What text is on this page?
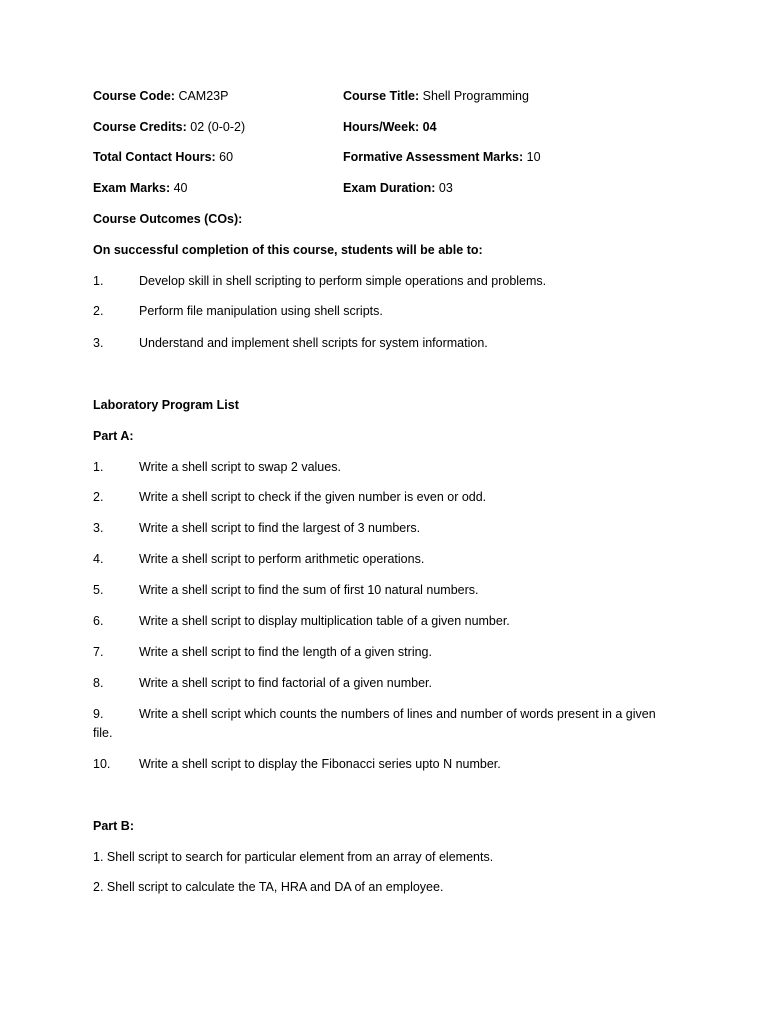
Course Code: CAM23P	Course Title: Shell Programming
Course Credits: 02 (0-0-2)	Hours/Week: 04
Total Contact Hours: 60	Formative Assessment Marks: 10
Exam Marks: 40	Exam Duration: 03
Course Outcomes (COs):
On successful completion of this course, students will be able to:
1.	Develop skill in shell scripting to perform simple operations and problems.
2.	Perform file manipulation using shell scripts.
3.	Understand and implement shell scripts for system information.
Laboratory Program List
Part A:
1.	Write a shell script to swap 2 values.
2.	Write a shell script to check if the given number is even or odd.
3.	Write a shell script to find the largest of 3 numbers.
4.	Write a shell script to perform arithmetic operations.
5.	Write a shell script to find the sum of first 10 natural numbers.
6.	Write a shell script to display multiplication table of a given number.
7.	Write a shell script to find the length of a given string.
8.	Write a shell script to find factorial of a given number.
9.	Write a shell script which counts the numbers of lines and number of words present in a given file.
10. Write a shell script to display the Fibonacci series upto N number.
Part B:
1. Shell script to search for particular element from an array of elements.
2. Shell script to calculate the TA, HRA and DA of an employee.
